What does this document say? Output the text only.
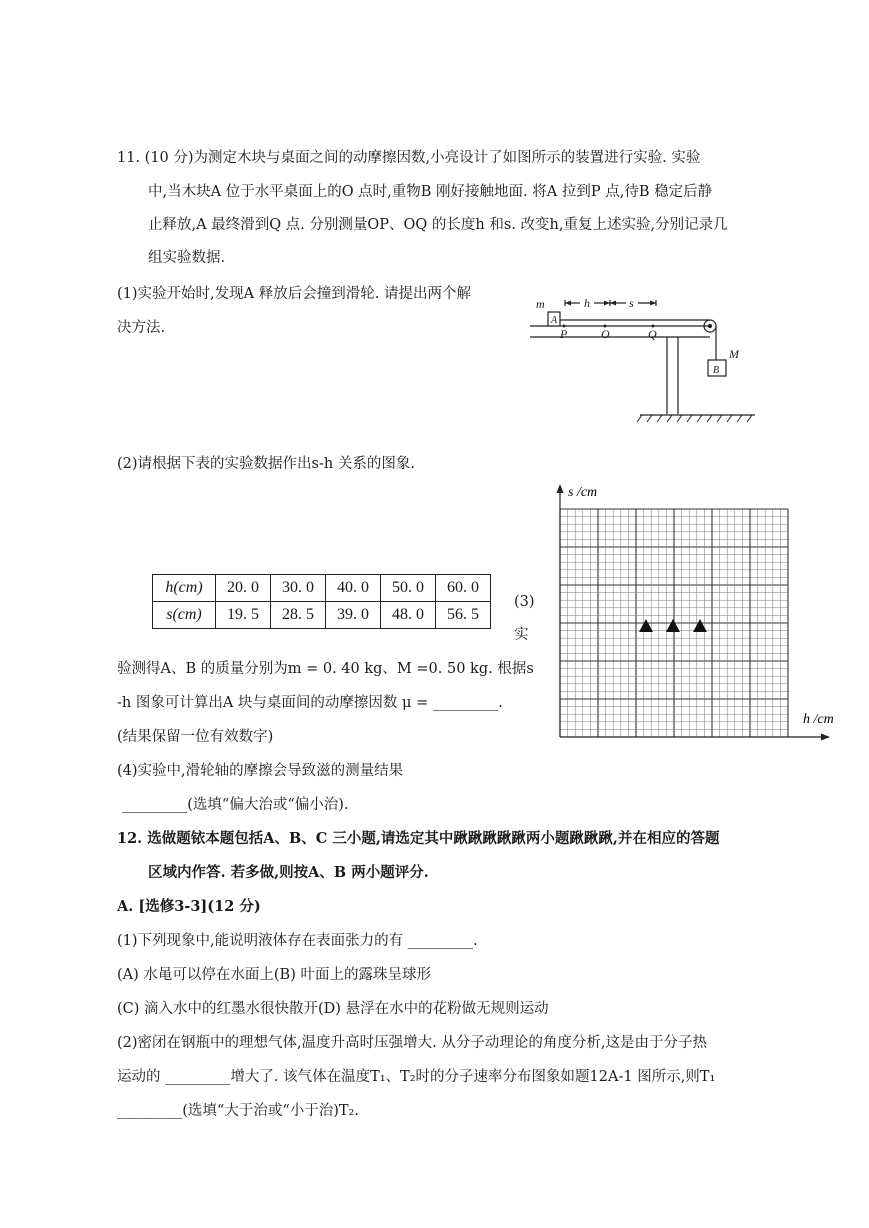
11. (10 分)为测定木块与桌面之间的动摩擦因数,小亮设计了如图所示的装置进行实验. 实验
中,当木块A 位于水平桌面上的O 点时,重物B 刚好接触地面. 将A 拉到P 点,待B 稳定后静
止释放,A 最终滑到Q 点. 分别测量OP、OQ 的长度h 和s. 改变h,重复上述实验,分别记录几
组实验数据.
(1)实验开始时,发现A 释放后会撞到滑轮. 请提出两个解
决方法.
m	h	s
A
P	O	Q
M
B
(2)请根据下表的实验数据作出s-h 关系的图象.
h(cm)	20. 0	30. 0	40. 0	50. 0	60. 0
s(cm)	19. 5	28. 5	39. 0	48. 0	56. 5
(3)
实
验测得A、B 的质量分别为m = 0. 40 kg、M =0. 50 kg. 根据s
-h 图象可计算出A 块与桌面间的动摩擦因数 μ = _________.
(结果保留一位有效数字)
(4)实验中,滑轮轴的摩擦会导致滋的测量结果
_________(选填“偏大治或“偏小治).
s /cm
h /cm
12. 选做题铱本题包括A、B、C 三小题,请选定其中踿踿踿踿踿两小题踿踿踿,并在相应的答题
区域内作答. 若多做,则按A、B 两小题评分.
A. [选修3-3](12 分)
(1)下列现象中,能说明液体存在表面张力的有 _________.
(A) 水黾可以停在水面上(B) 叶面上的露珠呈球形
(C) 滴入水中的红墨水很快散开(D) 悬浮在水中的花粉做无规则运动
(2)密闭在钢瓶中的理想气体,温度升高时压强增大. 从分子动理论的角度分析,这是由于分子热
运动的 _________增大了. 该气体在温度T₁、T₂时的分子速率分布图象如题12A-1 图所示,则T₁
_________(选填“大于治或“小于治)T₂.
